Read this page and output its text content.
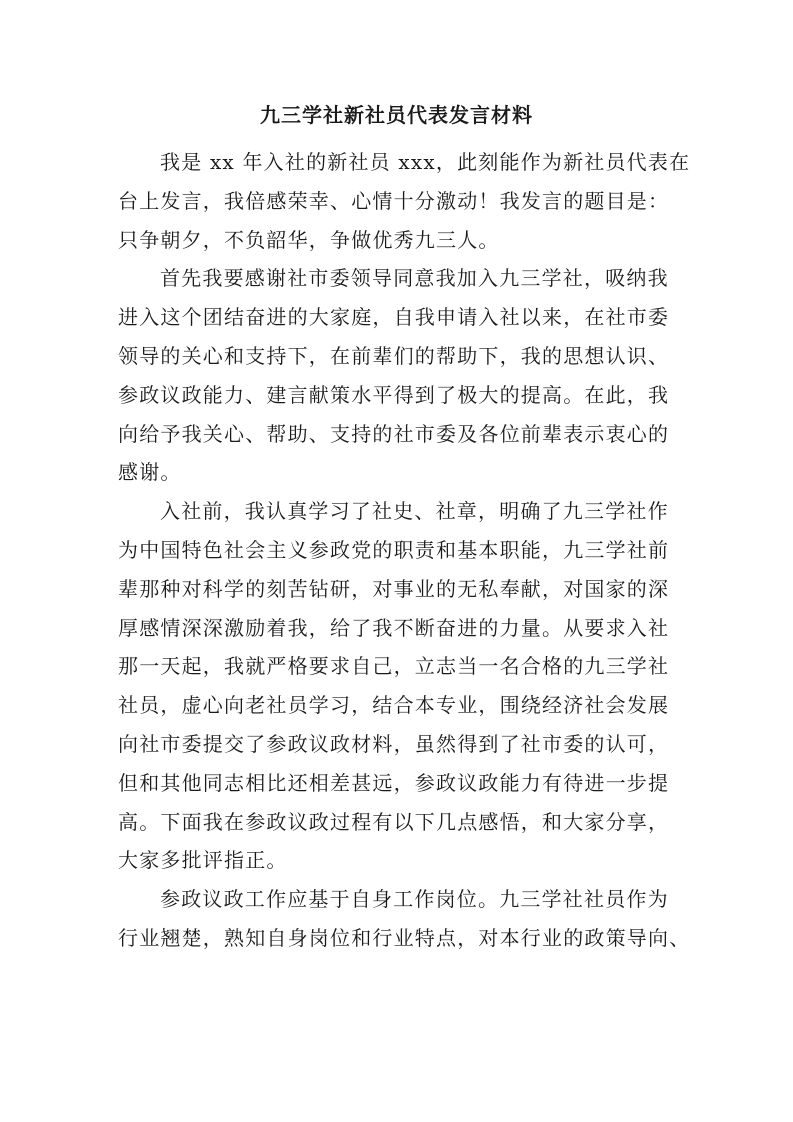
九三学社新社员代表发言材料
我是 xx 年入社的新社员 xxx，此刻能作为新社员代表在
台上发言，我倍感荣幸、心情十分激动！我发言的题目是：
只争朝夕，不负韶华，争做优秀九三人。
首先我要感谢社市委领导同意我加入九三学社，吸纳我
进入这个团结奋进的大家庭，自我申请入社以来，在社市委
领导的关心和支持下，在前辈们的帮助下，我的思想认识、
参政议政能力、建言献策水平得到了极大的提高。在此，我
向给予我关心、帮助、支持的社市委及各位前辈表示衷心的
感谢。
入社前，我认真学习了社史、社章，明确了九三学社作
为中国特色社会主义参政党的职责和基本职能，九三学社前
辈那种对科学的刻苦钻研，对事业的无私奉献，对国家的深
厚感情深深激励着我，给了我不断奋进的力量。从要求入社
那一天起，我就严格要求自己，立志当一名合格的九三学社
社员，虚心向老社员学习，结合本专业，围绕经济社会发展
向社市委提交了参政议政材料，虽然得到了社市委的认可，
但和其他同志相比还相差甚远，参政议政能力有待进一步提
高。下面我在参政议政过程有以下几点感悟，和大家分享，
大家多批评指正。
参政议政工作应基于自身工作岗位。九三学社社员作为
行业翘楚，熟知自身岗位和行业特点，对本行业的政策导向、
